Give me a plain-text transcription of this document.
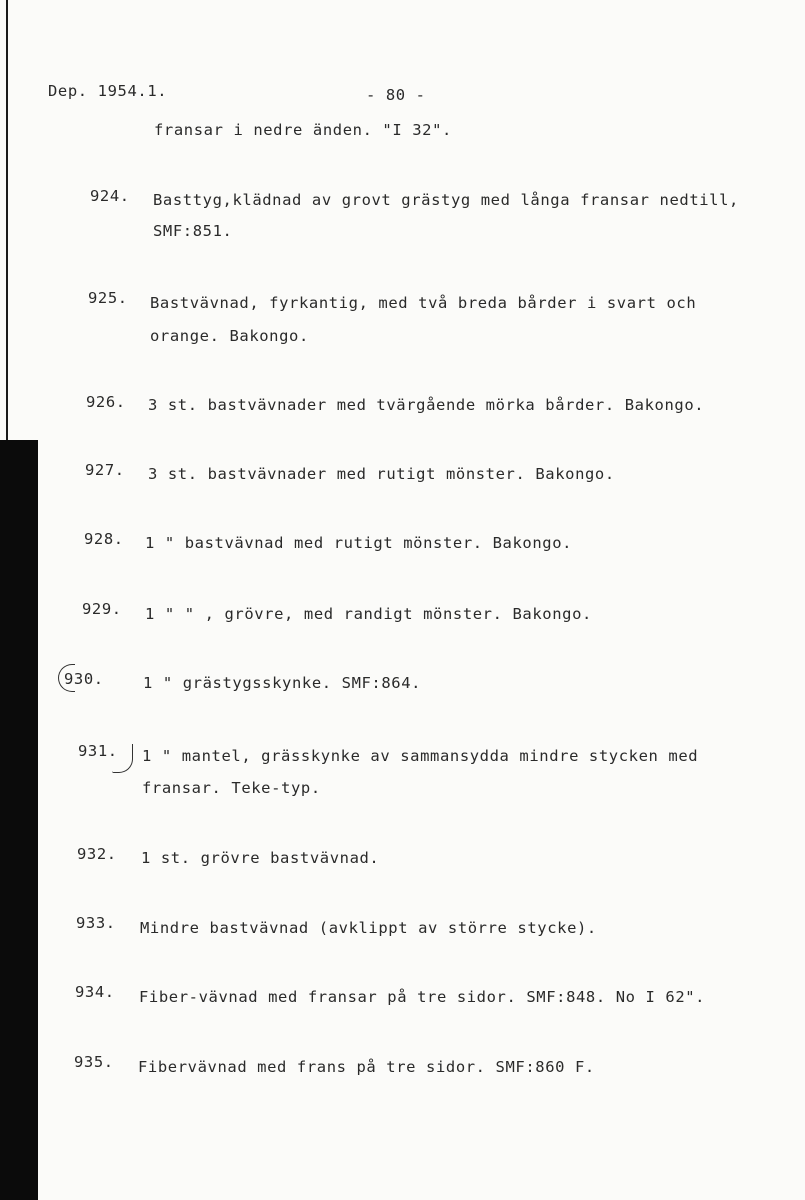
Dep. 1954.1.	- 80 -
fransar i nedre änden. "I 32".
924. Basttyg,klädnad av grovt grästyg med långa fransar nedtill,
SMF:851.
925. Bastvävnad, fyrkantig, med två breda bårder i svart och
orange. Bakongo.
926. 3 st. bastvävnader med tvärgående mörka bårder. Bakongo.
927. 3 st. bastvävnader med rutigt mönster. Bakongo.
928. 1 " bastvävnad med rutigt mönster. Bakongo.
929. 1 " " , grövre, med randigt mönster. Bakongo.
930.	1 " grästygsskynke. SMF:864.
931. 1 " mantel, grässkynke av sammansydda mindre stycken med
fransar. Teke-typ.
932. 1 st. grövre bastvävnad.
933. Mindre bastvävnad (avklippt av större stycke).
934. Fiber-vävnad med fransar på tre sidor. SMF:848. No I 62".
935. Fibervävnad med frans på tre sidor. SMF:860 F.
